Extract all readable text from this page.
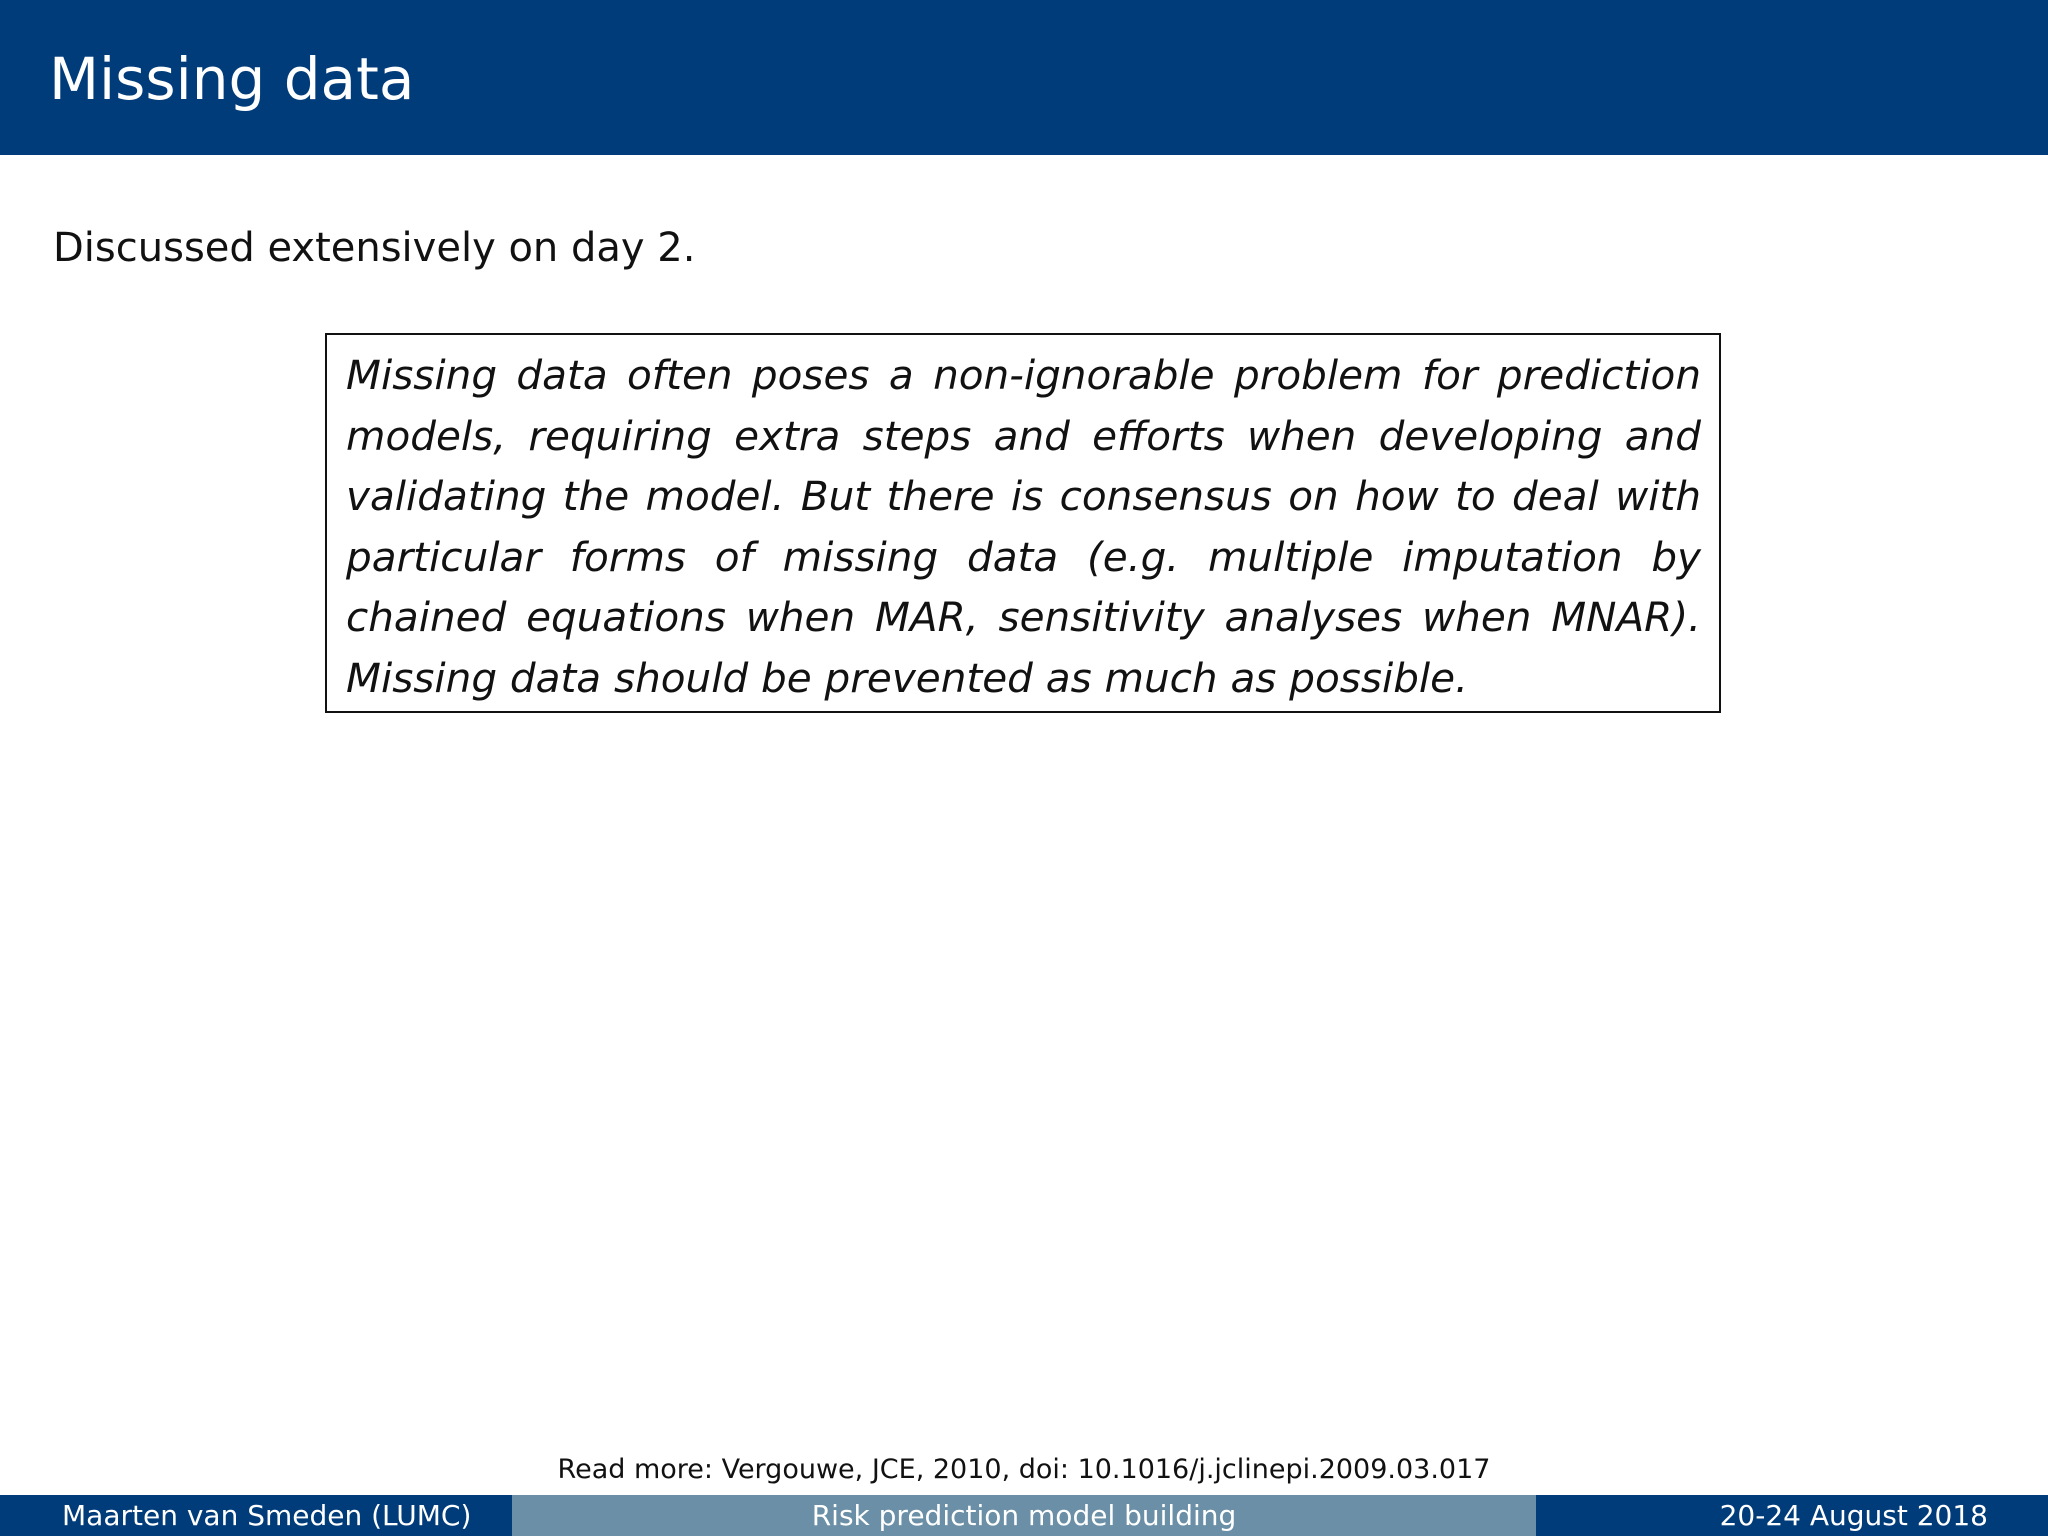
Missing data
Discussed extensively on day 2.
Missing data often poses a non-ignorable problem for prediction models, requiring extra steps and efforts when developing and validating the model. But there is consensus on how to deal with particular forms of missing data (e.g. multiple imputation by chained equations when MAR, sensitivity analyses when MNAR). Missing data should be prevented as much as possible.
Read more: Vergouwe, JCE, 2010, doi: 10.1016/j.jclinepi.2009.03.017
Maarten van Smeden (LUMC)	Risk prediction model building	20-24 August 2018
